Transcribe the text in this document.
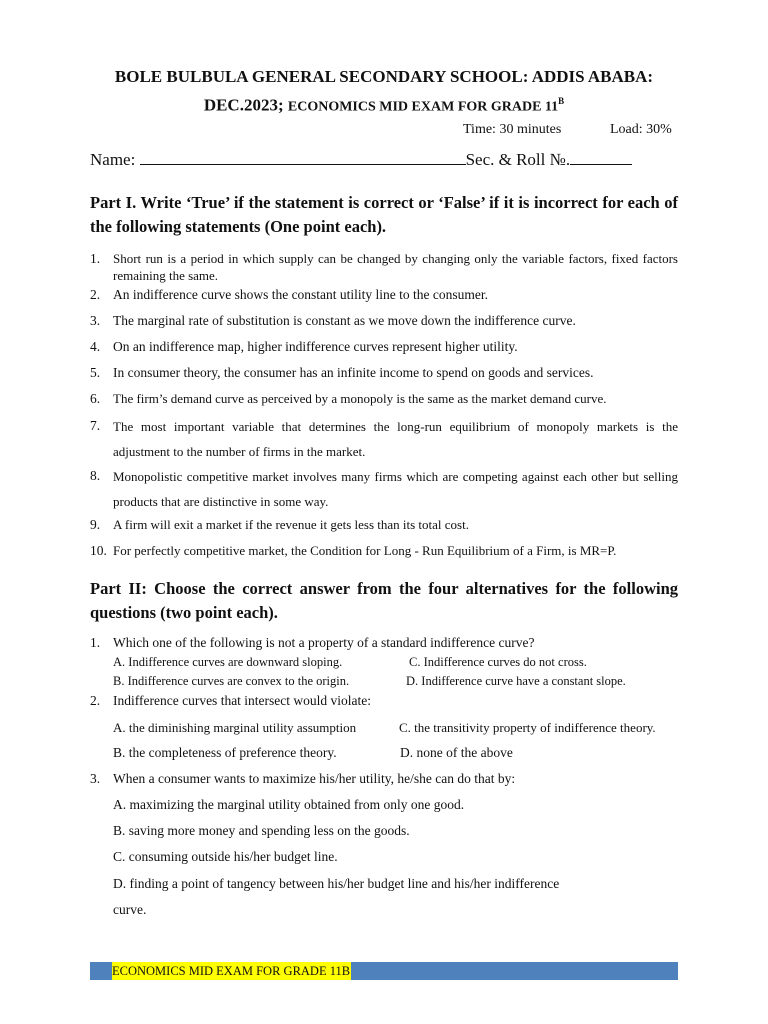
BOLE BULBULA GENERAL SECONDARY SCHOOL: ADDIS ABABA:
DEC.2023; ECONOMICS MID EXAM FOR GRADE $11^B$
Time: 30 minutes	Load: 30%
Name:	Sec. & Roll №.
Part I. Write ‘True’ if the statement is correct or ‘False’ if it is incorrect for each of the following statements (One point each).
1. Short run is a period in which supply can be changed by changing only the variable factors, fixed factors remaining the same.
2. An indifference curve shows the constant utility line to the consumer.
3. The marginal rate of substitution is constant as we move down the indifference curve.
4. On an indifference map, higher indifference curves represent higher utility.
5. In consumer theory, the consumer has an infinite income to spend on goods and services.
6. The firm’s demand curve as perceived by a monopoly is the same as the market demand curve.
7. The most important variable that determines the long-run equilibrium of monopoly markets is the adjustment to the number of firms in the market.
8. Monopolistic competitive market involves many firms which are competing against each other but selling products that are distinctive in some way.
9. A firm will exit a market if the revenue it gets less than its total cost.
10. For perfectly competitive market, the Condition for Long - Run Equilibrium of a Firm, is MR=P.
Part II: Choose the correct answer from the four alternatives for the following questions (two point each).
1. Which one of the following is not a property of a standard indifference curve?
A. Indifference curves are downward sloping.	C. Indifference curves do not cross.
B. Indifference curves are convex to the origin.	D. Indifference curve have a constant slope.
2. Indifference curves that intersect would violate:
A. the diminishing marginal utility assumption	C. the transitivity property of indifference theory.
B. the completeness of preference theory.	D. none of the above
3. When a consumer wants to maximize his/her utility, he/she can do that by:
A. maximizing the marginal utility obtained from only one good.
B. saving more money and spending less on the goods.
C. consuming outside his/her budget line.
D. finding a point of tangency between his/her budget line and his/her indifference
curve.
ECONOMICS MID EXAM FOR GRADE 11B
